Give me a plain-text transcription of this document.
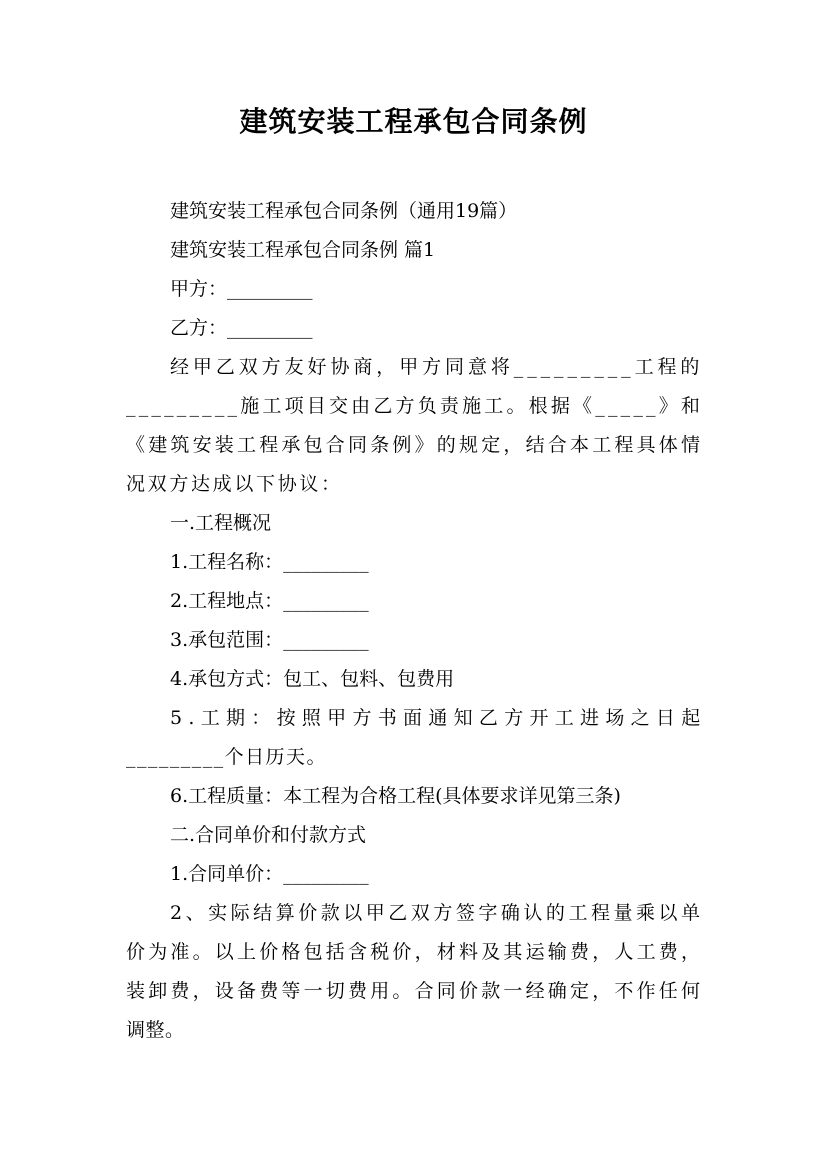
建筑安装工程承包合同条例
建筑安装工程承包合同条例（通用19篇）
建筑安装工程承包合同条例 篇1
甲方：_________
乙方：_________
经甲乙双方友好协商，甲方同意将_________工程的
_________施工项目交由乙方负责施工。根据《_____》和
《建筑安装工程承包合同条例》的规定，结合本工程具体情
况双方达成以下协议：
一.工程概况
1.工程名称：_________
2.工程地点：_________
3.承包范围：_________
4.承包方式：包工、包料、包费用
5.工期：按照甲方书面通知乙方开工进场之日起
_________个日历天。
6.工程质量：本工程为合格工程(具体要求详见第三条)
二.合同单价和付款方式
1.合同单价：_________
2、实际结算价款以甲乙双方签字确认的工程量乘以单
价为准。以上价格包括含税价，材料及其运输费，人工费，
装卸费，设备费等一切费用。合同价款一经确定，不作任何
调整。
